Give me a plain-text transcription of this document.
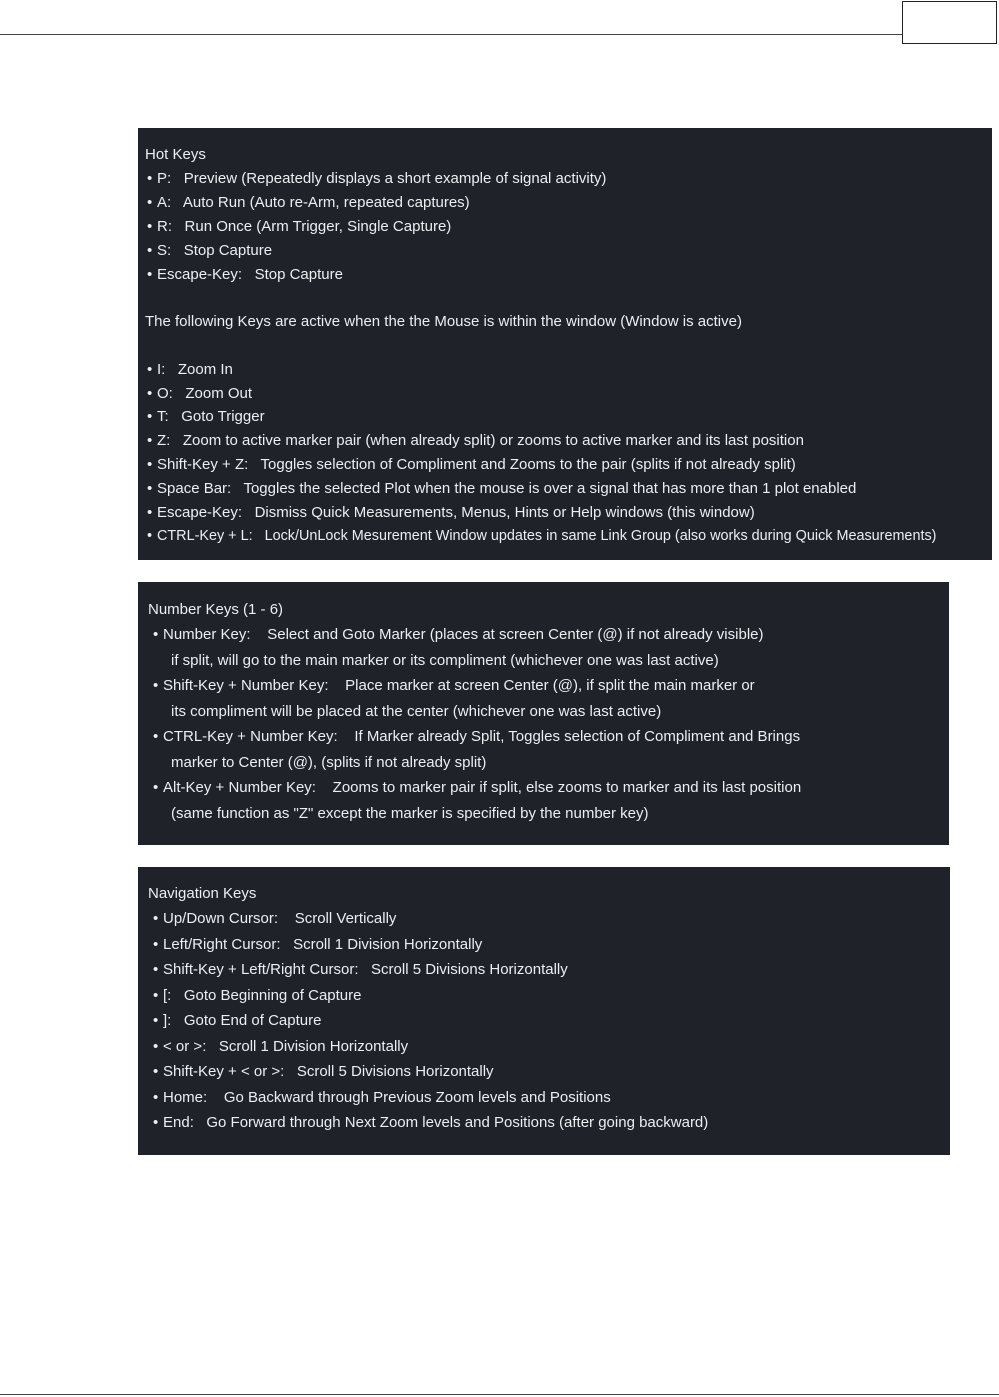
Hot Keys
• P: Preview (Repeatedly displays a short example of signal activity)
• A: Auto Run (Auto re-Arm, repeated captures)
• R: Run Once (Arm Trigger, Single Capture)
• S: Stop Capture
• Escape-Key: Stop Capture
The following Keys are active when the the Mouse is within the window (Window is active)
• I: Zoom In
• O: Zoom Out
• T: Goto Trigger
• Z: Zoom to active marker pair (when already split) or zooms to active marker and its last position
• Shift-Key + Z: Toggles selection of Compliment and Zooms to the pair (splits if not already split)
• Space Bar: Toggles the selected Plot when the mouse is over a signal that has more than 1 plot enabled
• Escape-Key: Dismiss Quick Measurements, Menus, Hints or Help windows (this window)
• CTRL-Key + L: Lock/UnLock Mesurement Window updates in same Link Group (also works during Quick Measurements)
Number Keys (1 - 6)
• Number Key: Select and Goto Marker (places at screen Center (@) if not already visible)
if split, will go to the main marker or its compliment (whichever one was last active)
• Shift-Key + Number Key: Place marker at screen Center (@), if split the main marker or
its compliment will be placed at the center (whichever one was last active)
• CTRL-Key + Number Key: If Marker already Split, Toggles selection of Compliment and Brings
marker to Center (@), (splits if not already split)
• Alt-Key + Number Key: Zooms to marker pair if split, else zooms to marker and its last position
(same function as "Z" except the marker is specified by the number key)
Navigation Keys
• Up/Down Cursor: Scroll Vertically
• Left/Right Cursor: Scroll 1 Division Horizontally
• Shift-Key + Left/Right Cursor: Scroll 5 Divisions Horizontally
• [: Goto Beginning of Capture
• ]: Goto End of Capture
• < or >: Scroll 1 Division Horizontally
• Shift-Key + < or >: Scroll 5 Divisions Horizontally
• Home: Go Backward through Previous Zoom levels and Positions
• End: Go Forward through Next Zoom levels and Positions (after going backward)
